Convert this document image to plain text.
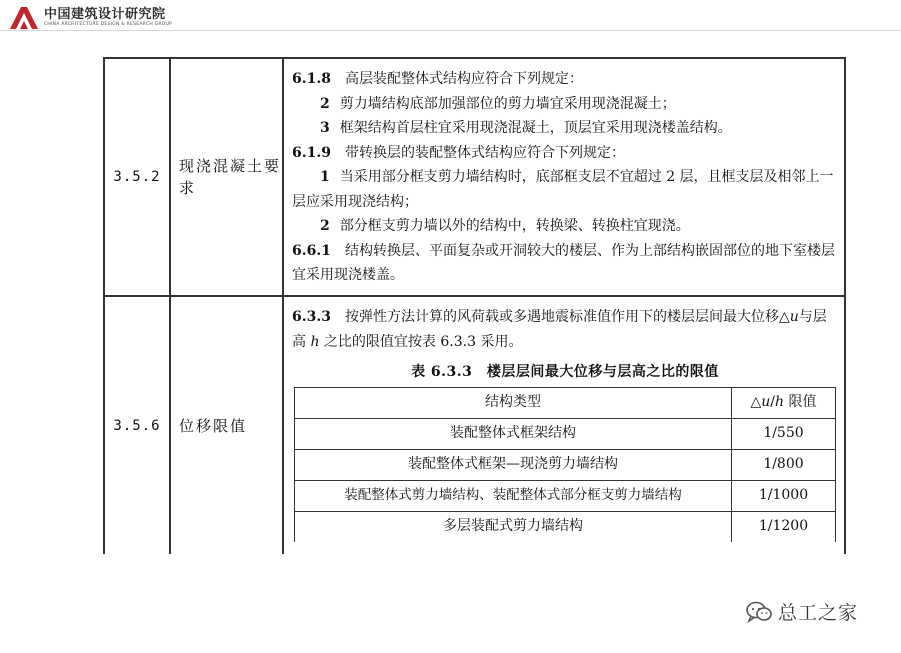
中国建筑设计研究院
CHINA ARCHITECTURE DESIGN & RESEARCH GROUP
3.5.2	现浇混凝土要求	

6.1.8 高层装配整体式结构应符合下列规定：

2 剪力墙结构底部加强部位的剪力墙宜采用现浇混凝土；

3 框架结构首层柱宜采用现浇混凝土，顶层宜采用现浇楼盖结构。

6.1.9 带转换层的装配整体式结构应符合下列规定：

1 当采用部分框支剪力墙结构时，底部框支层不宜超过 2 层，且框支层及相邻上一层应采用现浇结构；

2 部分框支剪力墙以外的结构中，转换梁、转换柱宜现浇。

6.6.1 结构转换层、平面复杂或开洞较大的楼层、作为上部结构嵌固部位的地下室楼层宜采用现浇楼盖。

3.5.6	位移限值	

6.3.3 按弹性方法计算的风荷载或多遇地震标准值作用下的楼层层间最大位移△u与层高 h 之比的限值宜按表 6.3.3 采用。

表 6.3.3　楼层层间最大位移与层高之比的限值
结构类型	△u/h 限值
装配整体式框架结构	1/550
装配整体式框架—现浇剪力墙结构	1/800
装配整体式剪力墙结构、装配整体式部分框支剪力墙结构	1/1000
多层装配式剪力墙结构	1/1200
总工之家
